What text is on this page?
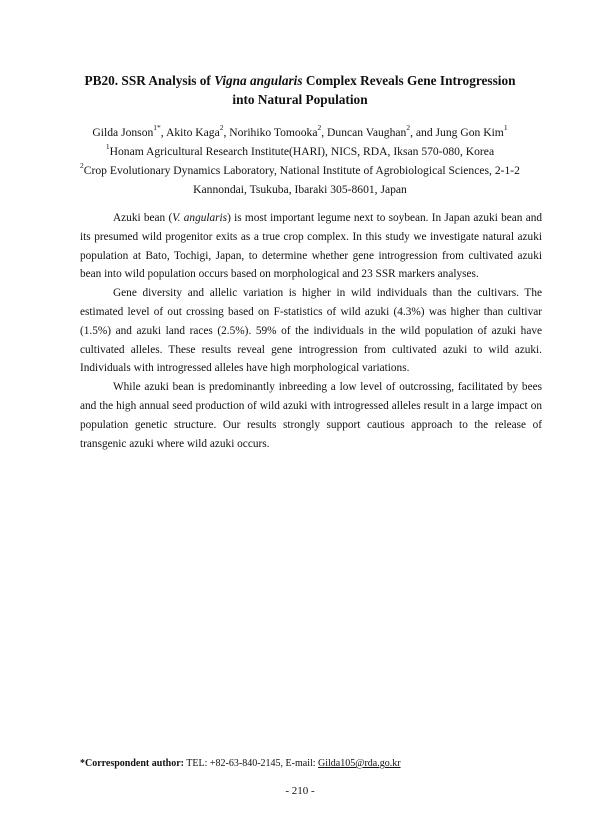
PB20. SSR Analysis of Vigna angularis Complex Reveals Gene Introgression
into Natural Population
Gilda Jonson$^{1*}$, Akito Kaga$^2$, Norihiko Tomooka$^2$, Duncan Vaughan$^2$, and Jung Gon Kim$^1$
$^1$Honam Agricultural Research Institute(HARI), NICS, RDA, Iksan 570-080, Korea
$^2$Crop Evolutionary Dynamics Laboratory, National Institute of Agrobiological Sciences, 2-1-2
Kannondai, Tsukuba, Ibaraki 305-8601, Japan

Azuki bean (V. angularis) is most important legume next to soybean. In Japan azuki bean and its presumed wild progenitor exits as a true crop complex. In this study we investigate natural azuki population at Bato, Tochigi, Japan, to determine whether gene introgression from cultivated azuki bean into wild population occurs based on morphological and 23 SSR markers analyses.

Gene diversity and allelic variation is higher in wild individuals than the cultivars. The estimated level of out crossing based on F-statistics of wild azuki (4.3%) was higher than cultivar (1.5%) and azuki land races (2.5%). 59% of the individuals in the wild population of azuki have cultivated alleles. These results reveal gene introgression from cultivated azuki to wild azuki. Individuals with introgressed alleles have high morphological variations.

While azuki bean is predominantly inbreeding a low level of outcrossing, facilitated by bees and the high annual seed production of wild azuki with introgressed alleles result in a large impact on population genetic structure. Our results strongly support cautious approach to the release of transgenic azuki where wild azuki occurs.

*Correspondent author: TEL: +82-63-840-2145, E-mail: Gilda105@rda.go.kr
- 210 -
